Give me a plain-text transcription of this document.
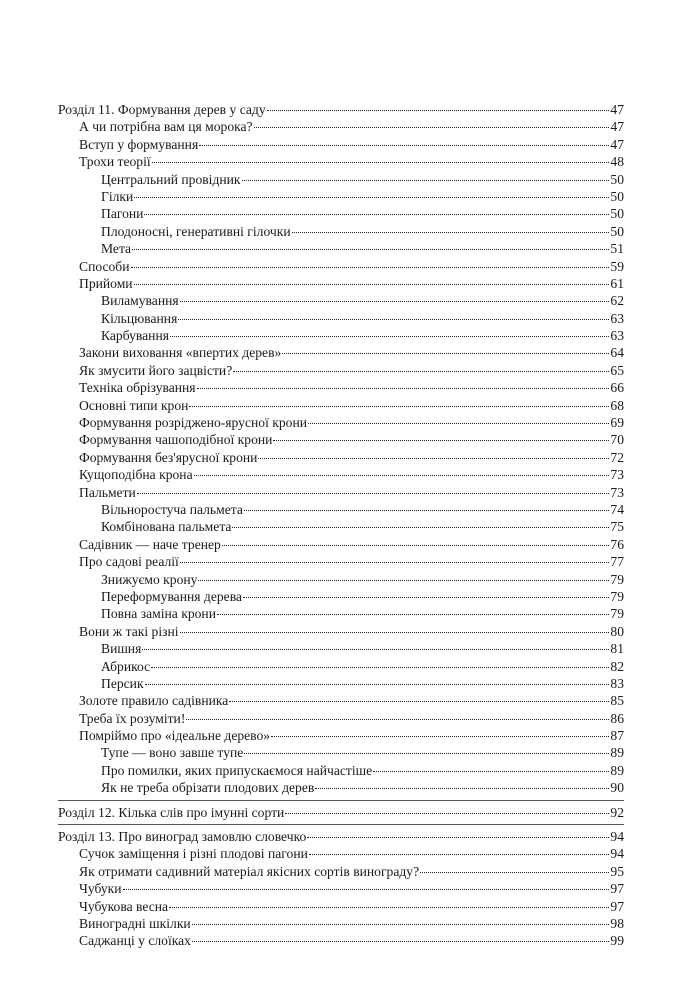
Розділ 11. Формування дерев у саду	47
А чи потрібна вам ця морока?	47
Вступ у формування	47
Трохи теорії	48
Центральний провідник	50
Гілки	50
Пагони	50
Плодоносні, генеративні гілочки	50
Мета	51
Способи	59
Прийоми	61
Виламування	62
Кільцювання	63
Карбування	63
Закони виховання «впертих дерев»	64
Як змусити його зацвісти?	65
Техніка обрізування	66
Основні типи крон	68
Формування розріджено-ярусної крони	69
Формування чашоподібної крони	70
Формування без'ярусної крони	72
Кущоподібна крона	73
Пальмети	73
Вільноростуча пальмета	74
Комбінована пальмета	75
Садівник — наче тренер	76
Про садові реалії	77
Знижуємо крону	79
Переформування дерева	79
Повна заміна крони	79
Вони ж такі різні	80
Вишня	81
Абрикос	82
Персик	83
Золоте правило садівника	85
Треба їх розуміти!	86
Помріймо про «ідеальне дерево»	87
Тупе — воно завше тупе	89
Про помилки, яких припускаємося найчастіше	89
Як не треба обрізати плодових дерев	90
Розділ 12. Кілька слів про імунні сорти	92
Розділ 13. Про виноград замовлю словечко	94
Сучок заміщення і різні плодові пагони	94
Як отримати садивний матеріал якісних сортів винограду?	95
Чубуки	97
Чубукова весна	97
Виноградні шкілки	98
Саджанці у слоїках	99
